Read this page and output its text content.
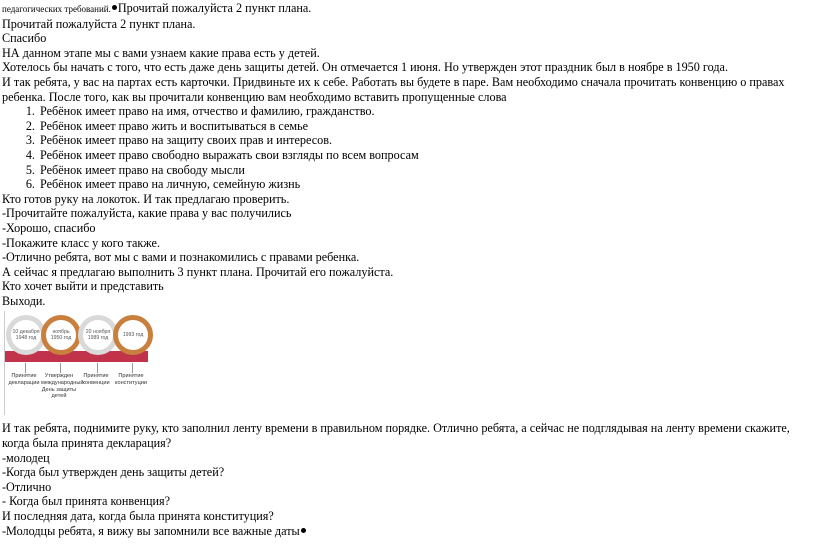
педагогических требований. Прочитай пожалуйста 2 пункт плана.
Прочитай пожалуйста 2 пункт плана.
Спасибо
НА данном этапе мы с вами узнаем какие права есть у детей.
Хотелось бы начать с того, что есть даже день защиты детей. Он отмечается 1 июня. Но утвержден этот праздник был в ноябре в 1950 года.
И так ребята, у вас на партах есть карточки. Придвиньте их к себе. Работать вы будете в паре. Вам необходимо сначала прочитать конвенцию о правах ребенка. После того, как вы прочитали конвенцию вам необходимо вставить пропущенные слова
1. Ребёнок имеет право на имя, отчество и фамилию, гражданство.
2. Ребёнок имеет право жить и воспитываться в семье
3. Ребёнок имеет право на защиту своих прав и интересов.
4. Ребёнок имеет право свободно выражать свои взгляды по всем вопросам
5. Ребёнок имеет право на свободу мысли
6. Ребёнок имеет право на личную, семейную жизнь
Кто готов руку на локоток. И так предлагаю проверить.
-Прочитайте пожалуйста, какие права у вас получились
-Хорошо, спасибо
-Покажите класс у кого также.
-Отлично ребята, вот мы с вами и познакомились с правами ребенка.
А сейчас я предлагаю выполнить 3 пункт плана. Прочитай его пожалуйста.
Кто хочет выйти и представить
Выходи.
10 декабря 1948 год
ноябрь 1950 год
20 ноября 1989 год	1993 год
Принятие декларации
Утвержден международный День защиты детей
Принятие конвенции
Принятие конституции
И так ребята, поднимите руку, кто заполнил ленту времени в правильном порядке. Отлично ребята, а сейчас не подглядывая на ленту времени скажите, когда была принята декларация?
-молодец
-Когда был утвержден день защиты детей?
-Отлично
- Когда был принята конвенция?
И последняя дата, когда была принята конституция?
-Молодцы ребята, я вижу вы запомнили все важные даты
